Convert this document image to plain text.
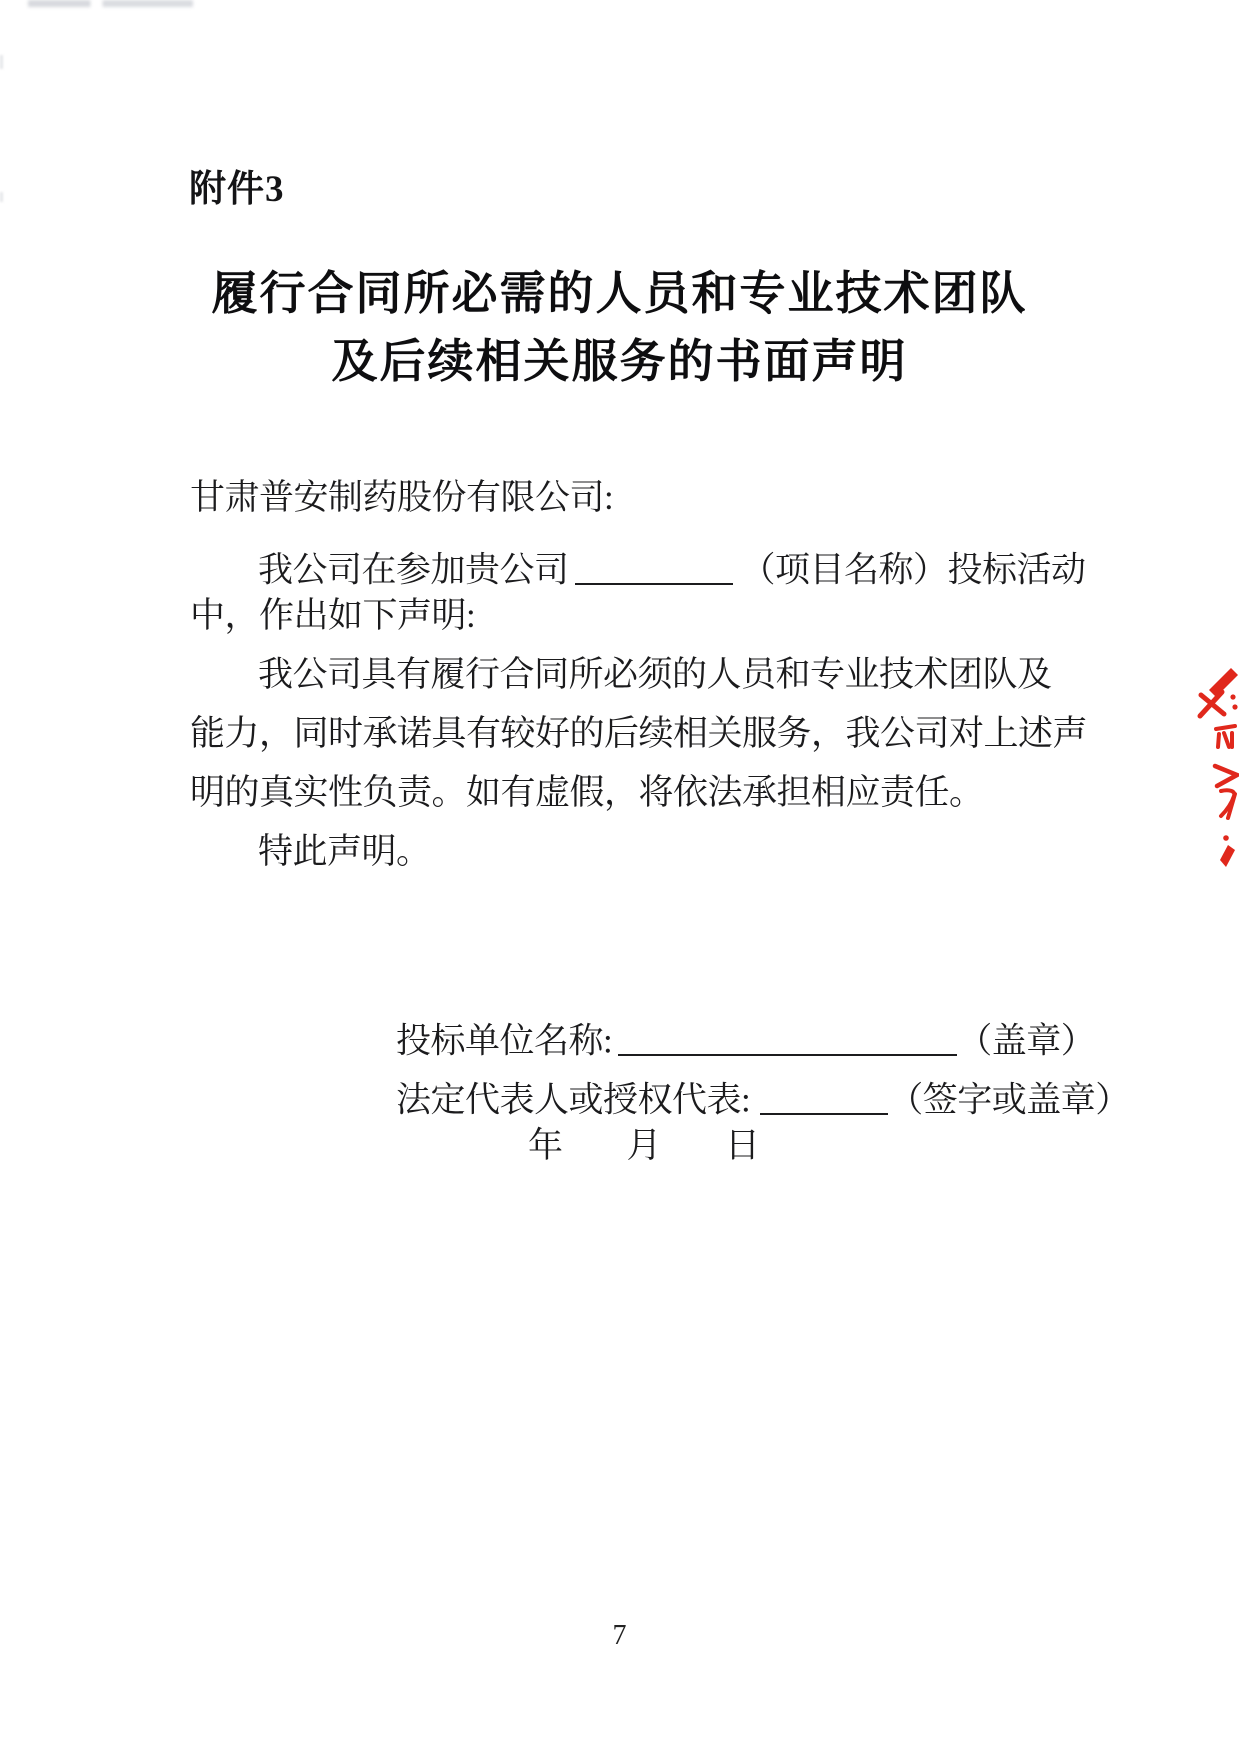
附件3
履行合同所必需的人员和专业技术团队
及后续相关服务的书面声明
甘肃普安制药股份有限公司:
我公司在参加贵公司	（项目名称）投标活动
中，作出如下声明:
我公司具有履行合同所必须的人员和专业技术团队及
能力，同时承诺具有较好的后续相关服务，我公司对上述声
明的真实性负责。如有虚假，将依法承担相应责任。
特此声明。
投标单位名称:	（盖章）
法定代表人或授权代表:	（签字或盖章）
年 月 日
7
